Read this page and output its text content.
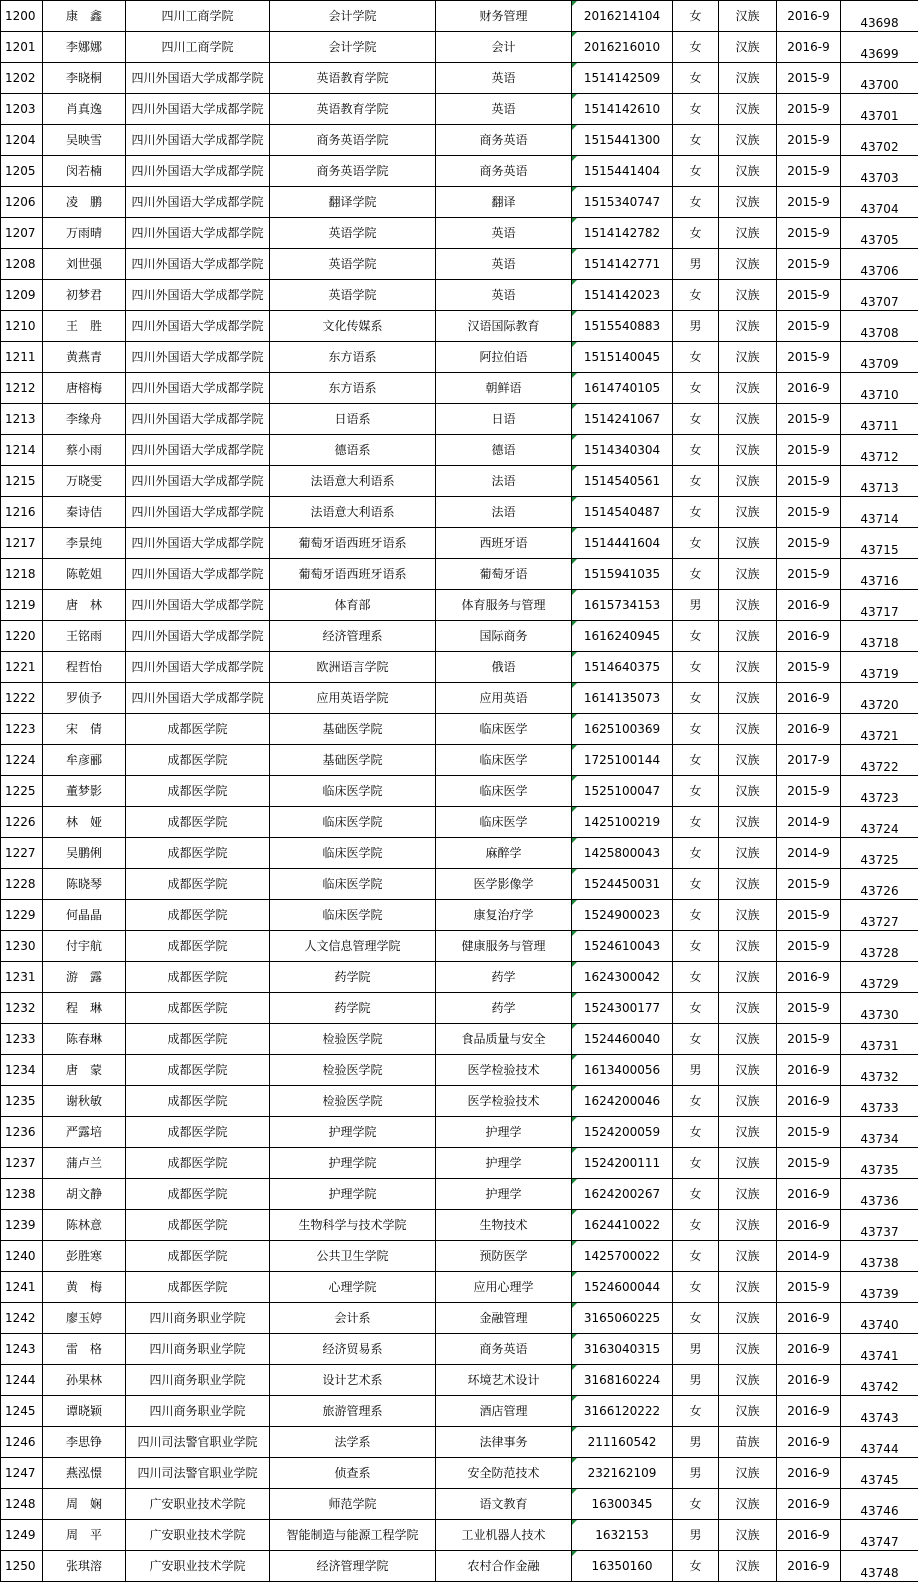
1200	康　鑫	四川工商学院	会计学院	财务管理	2016214104	女	汉族	2016-9	43698
1201	李娜娜	四川工商学院	会计学院	会计	2016216010	女	汉族	2016-9	43699
1202	李晓桐	四川外国语大学成都学院	英语教育学院	英语	1514142509	女	汉族	2015-9	43700
1203	肖真逸	四川外国语大学成都学院	英语教育学院	英语	1514142610	女	汉族	2015-9	43701
1204	吴映雪	四川外国语大学成都学院	商务英语学院	商务英语	1515441300	女	汉族	2015-9	43702
1205	闵若楠	四川外国语大学成都学院	商务英语学院	商务英语	1515441404	女	汉族	2015-9	43703
1206	凌　鹏	四川外国语大学成都学院	翻译学院	翻译	1515340747	女	汉族	2015-9	43704
1207	万雨晴	四川外国语大学成都学院	英语学院	英语	1514142782	女	汉族	2015-9	43705
1208	刘世强	四川外国语大学成都学院	英语学院	英语	1514142771	男	汉族	2015-9	43706
1209	初梦君	四川外国语大学成都学院	英语学院	英语	1514142023	女	汉族	2015-9	43707
1210	王　胜	四川外国语大学成都学院	文化传媒系	汉语国际教育	1515540883	男	汉族	2015-9	43708
1211	黄燕青	四川外国语大学成都学院	东方语系	阿拉伯语	1515140045	女	汉族	2015-9	43709
1212	唐榕梅	四川外国语大学成都学院	东方语系	朝鲜语	1614740105	女	汉族	2016-9	43710
1213	李缘舟	四川外国语大学成都学院	日语系	日语	1514241067	女	汉族	2015-9	43711
1214	蔡小雨	四川外国语大学成都学院	德语系	德语	1514340304	女	汉族	2015-9	43712
1215	万晓雯	四川外国语大学成都学院	法语意大利语系	法语	1514540561	女	汉族	2015-9	43713
1216	秦诗佶	四川外国语大学成都学院	法语意大利语系	法语	1514540487	女	汉族	2015-9	43714
1217	李景纯	四川外国语大学成都学院	葡萄牙语西班牙语系	西班牙语	1514441604	女	汉族	2015-9	43715
1218	陈乾姐	四川外国语大学成都学院	葡萄牙语西班牙语系	葡萄牙语	1515941035	女	汉族	2015-9	43716
1219	唐　林	四川外国语大学成都学院	体育部	体育服务与管理	1615734153	男	汉族	2016-9	43717
1220	王铭雨	四川外国语大学成都学院	经济管理系	国际商务	1616240945	女	汉族	2016-9	43718
1221	程哲怡	四川外国语大学成都学院	欧洲语言学院	俄语	1514640375	女	汉族	2015-9	43719
1222	罗侦予	四川外国语大学成都学院	应用英语学院	应用英语	1614135073	女	汉族	2016-9	43720
1223	宋　倩	成都医学院	基础医学院	临床医学	1625100369	女	汉族	2016-9	43721
1224	牟彦郦	成都医学院	基础医学院	临床医学	1725100144	女	汉族	2017-9	43722
1225	董梦影	成都医学院	临床医学院	临床医学	1525100047	女	汉族	2015-9	43723
1226	林　娅	成都医学院	临床医学院	临床医学	1425100219	女	汉族	2014-9	43724
1227	吴鹏俐	成都医学院	临床医学院	麻醉学	1425800043	女	汉族	2014-9	43725
1228	陈晓琴	成都医学院	临床医学院	医学影像学	1524450031	女	汉族	2015-9	43726
1229	何晶晶	成都医学院	临床医学院	康复治疗学	1524900023	女	汉族	2015-9	43727
1230	付宇航	成都医学院	人文信息管理学院	健康服务与管理	1524610043	女	汉族	2015-9	43728
1231	游　露	成都医学院	药学院	药学	1624300042	女	汉族	2016-9	43729
1232	程　琳	成都医学院	药学院	药学	1524300177	女	汉族	2015-9	43730
1233	陈春琳	成都医学院	检验医学院	食品质量与安全	1524460040	女	汉族	2015-9	43731
1234	唐　蒙	成都医学院	检验医学院	医学检验技术	1613400056	男	汉族	2016-9	43732
1235	谢秋敏	成都医学院	检验医学院	医学检验技术	1624200046	女	汉族	2016-9	43733
1236	严露培	成都医学院	护理学院	护理学	1524200059	女	汉族	2015-9	43734
1237	蒲卢兰	成都医学院	护理学院	护理学	1524200111	女	汉族	2015-9	43735
1238	胡文静	成都医学院	护理学院	护理学	1624200267	女	汉族	2016-9	43736
1239	陈林意	成都医学院	生物科学与技术学院	生物技术	1624410022	女	汉族	2016-9	43737
1240	彭胜寒	成都医学院	公共卫生学院	预防医学	1425700022	女	汉族	2014-9	43738
1241	黄　梅	成都医学院	心理学院	应用心理学	1524600044	女	汉族	2015-9	43739
1242	廖玉婷	四川商务职业学院	会计系	金融管理	3165060225	女	汉族	2016-9	43740
1243	雷　格	四川商务职业学院	经济贸易系	商务英语	3163040315	男	汉族	2016-9	43741
1244	孙果林	四川商务职业学院	设计艺术系	环境艺术设计	3168160224	男	汉族	2016-9	43742
1245	谭晓颖	四川商务职业学院	旅游管理系	酒店管理	3166120222	女	汉族	2016-9	43743
1246	李思铮	四川司法警官职业学院	法学系	法律事务	211160542	男	苗族	2016-9	43744
1247	燕泓憬	四川司法警官职业学院	侦查系	安全防范技术	232162109	男	汉族	2016-9	43745
1248	周　娴	广安职业技术学院	师范学院	语文教育	16300345	女	汉族	2016-9	43746
1249	周　平	广安职业技术学院	智能制造与能源工程学院	工业机器人技术	1632153	男	汉族	2016-9	43747
1250	张琪溶	广安职业技术学院	经济管理学院	农村合作金融	16350160	女	汉族	2016-9	43748
